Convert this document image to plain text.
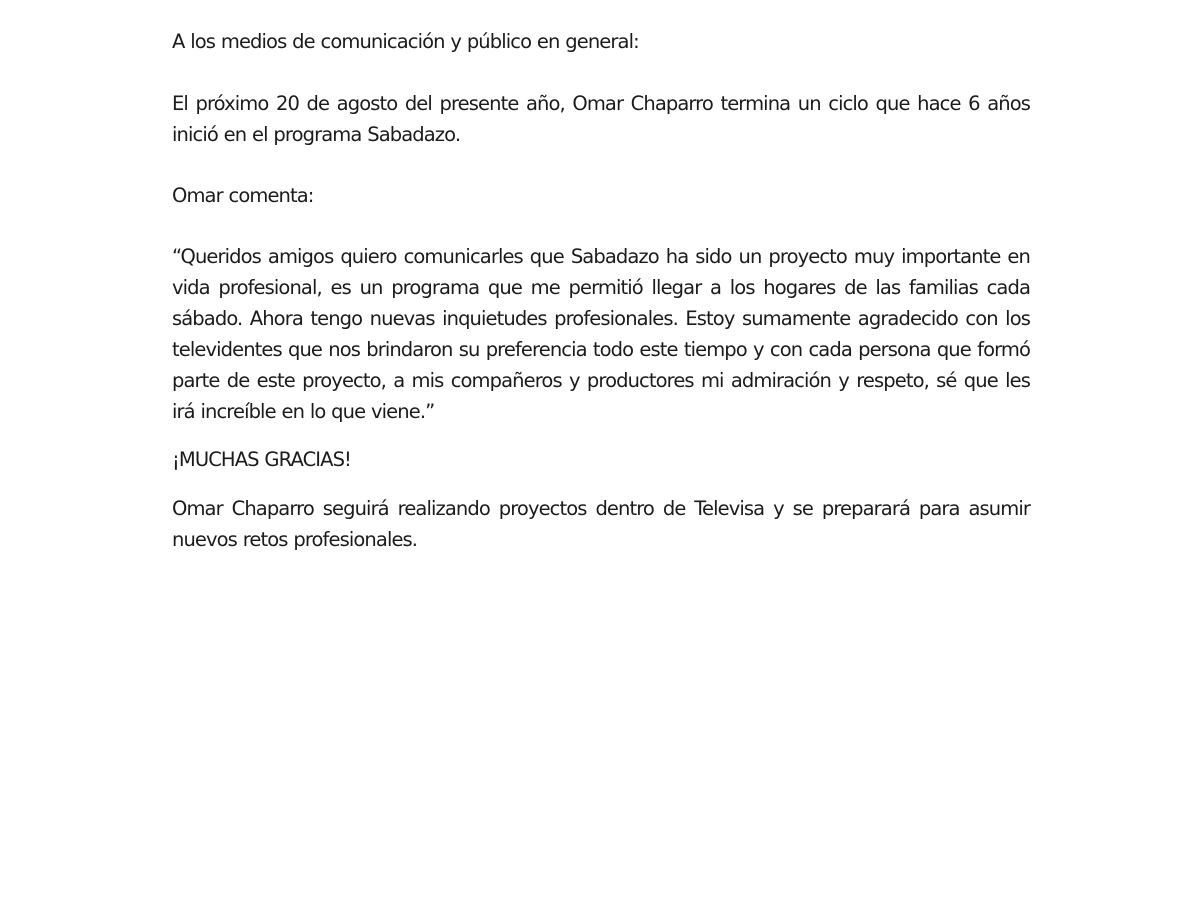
A los medios de comunicación y público en general:

El próximo 20 de agosto del presente año, Omar Chaparro termina un ciclo que hace 6 años inició en el programa Sabadazo.

Omar comenta:

“Queridos amigos quiero comunicarles que Sabadazo ha sido un proyecto muy importante en vida profesional, es un programa que me permitió llegar a los hogares de las familias cada sábado. Ahora tengo nuevas inquietudes profesionales. Estoy sumamente agradecido con los televidentes que nos brindaron su preferencia todo este tiempo y con cada persona que formó parte de este proyecto, a mis compañeros y productores mi admiración y respeto, sé que les irá increíble en lo que viene.”

¡MUCHAS GRACIAS!

Omar Chaparro seguirá realizando proyectos dentro de Televisa y se preparará para asumir nuevos retos profesionales.
